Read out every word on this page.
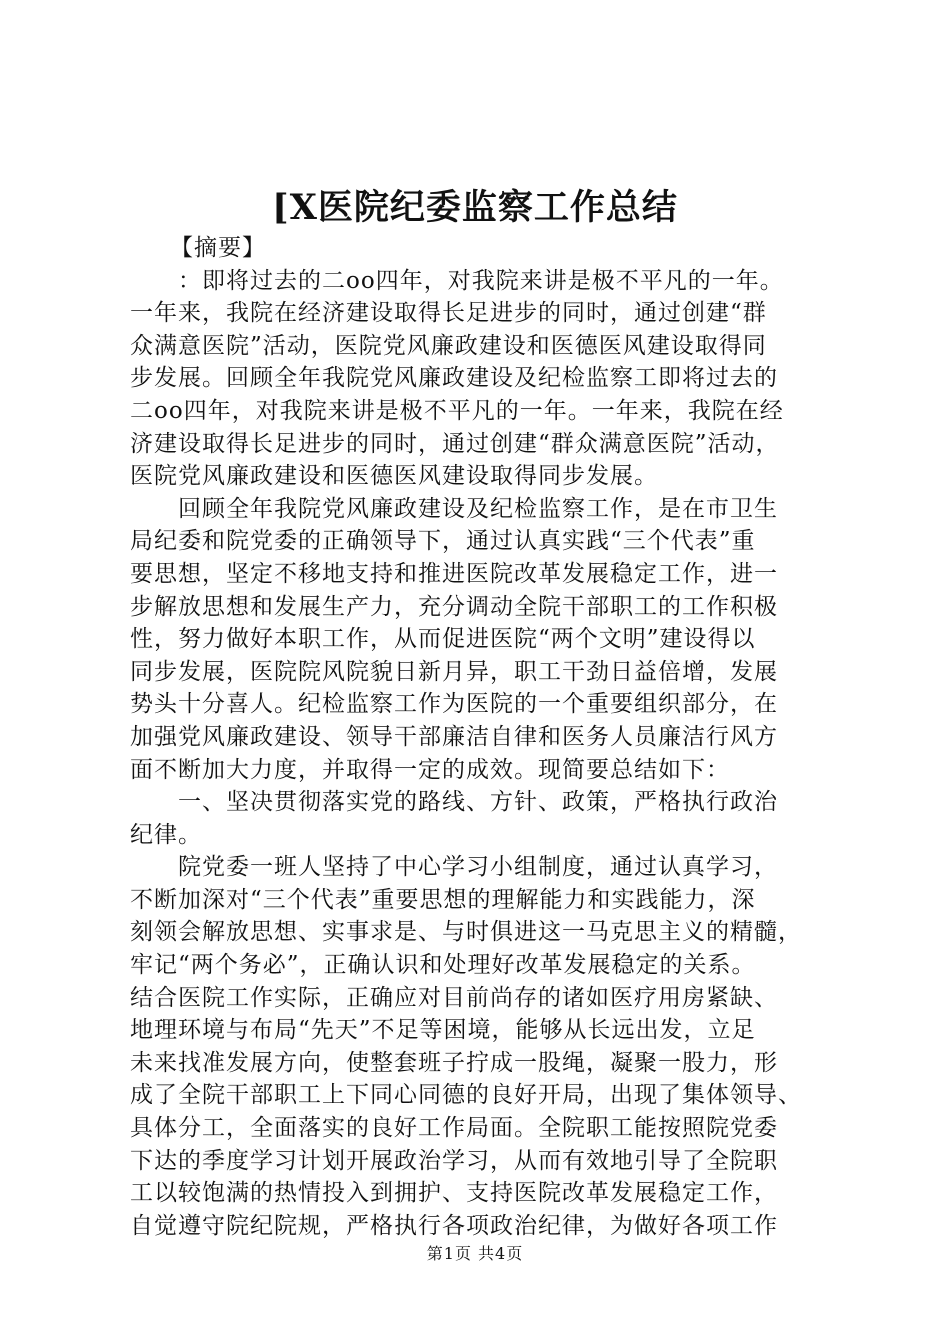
[X医院纪委监察工作总结
【摘要】
：即将过去的二oo四年，对我院来讲是极不平凡的一年。
一年来，我院在经济建设取得长足进步的同时，通过创建“群
众满意医院”活动，医院党风廉政建设和医德医风建设取得同
步发展。回顾全年我院党风廉政建设及纪检监察工即将过去的
二oo四年，对我院来讲是极不平凡的一年。一年来，我院在经
济建设取得长足进步的同时，通过创建“群众满意医院”活动，
医院党风廉政建设和医德医风建设取得同步发展。
回顾全年我院党风廉政建设及纪检监察工作，是在市卫生
局纪委和院党委的正确领导下，通过认真实践“三个代表”重
要思想，坚定不移地支持和推进医院改革发展稳定工作，进一
步解放思想和发展生产力，充分调动全院干部职工的工作积极
性，努力做好本职工作，从而促进医院“两个文明”建设得以
同步发展，医院院风院貌日新月异，职工干劲日益倍增，发展
势头十分喜人。纪检监察工作为医院的一个重要组织部分，在
加强党风廉政建设、领导干部廉洁自律和医务人员廉洁行风方
面不断加大力度，并取得一定的成效。现简要总结如下：
一、坚决贯彻落实党的路线、方针、政策，严格执行政治
纪律。
院党委一班人坚持了中心学习小组制度，通过认真学习，
不断加深对“三个代表”重要思想的理解能力和实践能力，深
刻领会解放思想、实事求是、与时俱进这一马克思主义的精髓，
牢记“两个务必”，正确认识和处理好改革发展稳定的关系。
结合医院工作实际，正确应对目前尚存的诸如医疗用房紧缺、
地理环境与布局“先天”不足等困境，能够从长远出发，立足
未来找准发展方向，使整套班子拧成一股绳，凝聚一股力，形
成了全院干部职工上下同心同德的良好开局，出现了集体领导、
具体分工，全面落实的良好工作局面。全院职工能按照院党委
下达的季度学习计划开展政治学习，从而有效地引导了全院职
工以较饱满的热情投入到拥护、支持医院改革发展稳定工作，
自觉遵守院纪院规，严格执行各项政治纪律，为做好各项工作
第1页 共4页
